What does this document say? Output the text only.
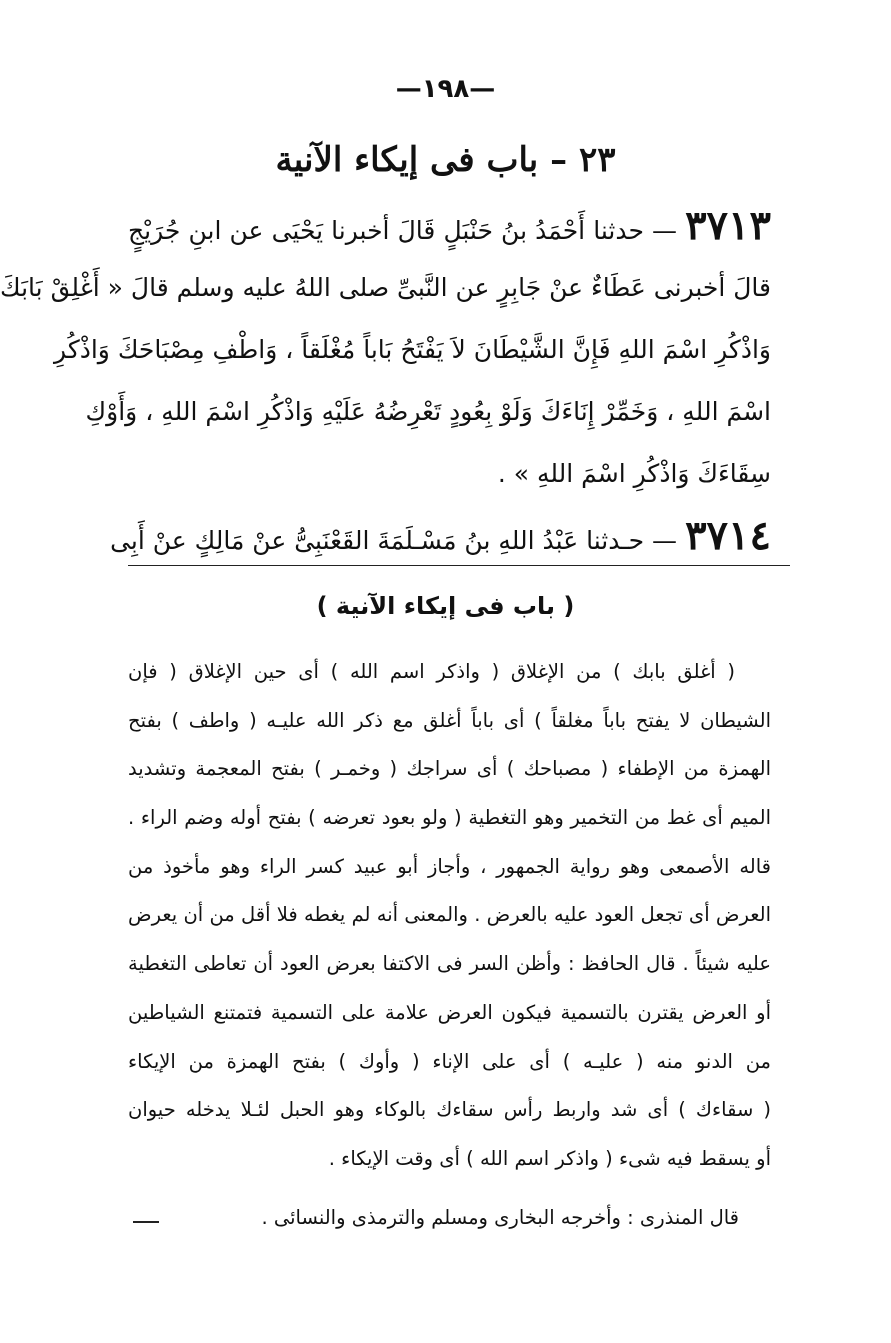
—١٩٨—
٢٣ – باب فى إيكاء الآنية
٣٧١٣— حدثنا أَحْمَدُ بنُ حَنْبَلٍ قَالَ أخبرنا يَحْيَى عن ابنِ جُرَيْجٍ
قالَ أخبرنى عَطَاءٌ عنْ جَابِرٍ عن النَّبىِّ صلى اللهُ عليه وسلم قالَ « أَغْلِقْ بَابَكَ
وَاذْكُرِ اسْمَ اللهِ فَإِنَّ الشَّيْطَانَ لاَ يَفْتَحُ بَاباً مُغْلَقاً ، وَاطْفِ مِصْبَاحَكَ وَاذْكُرِ
اسْمَ اللهِ ، وَخَمِّرْ إِنَاءَكَ وَلَوْ بِعُودٍ تَعْرِضُهُ عَلَيْهِ وَاذْكُرِ اسْمَ اللهِ ، وَأَوْكِ
سِقَاءَكَ وَاذْكُرِ اسْمَ اللهِ » .
٣٧١٤— حـدثنا عَبْدُ اللهِ بنُ مَسْـلَمَةَ القَعْنَبِىُّ عنْ مَالِكٍ عنْ أَبِى
( باب فى إيكاء الآنية )
( أغلق بابك ) من الإغلاق ( واذكر اسم الله ) أى حين الإغلاق ( فإن
الشيطان لا يفتح باباً مغلقاً ) أى باباً أغلق مع ذكر الله عليـه ( واطف ) بفتح
الهمزة من الإطفاء ( مصباحك ) أى سراجك ( وخمـر ) بفتح المعجمة وتشديد
الميم أى غط من التخمير وهو التغطية ( ولو بعود تعرضه ) بفتح أوله وضم الراء .
قاله الأصمعى وهو رواية الجمهور ، وأجاز أبو عبيد كسر الراء وهو مأخوذ من
العرض أى تجعل العود عليه بالعرض . والمعنى أنه لم يغطه فلا أقل من أن يعرض
عليه شيئاً . قال الحافظ : وأظن السر فى الاكتفا بعرض العود أن تعاطى التغطية
أو العرض يقترن بالتسمية فيكون العرض علامة على التسمية فتمتنع الشياطين
من الدنو منه ( عليـه ) أى على الإناء ( وأوك ) بفتح الهمزة من الإيكاء
( سقاءك ) أى شد واربط رأس سقاءك بالوكاء وهو الحبل لئـلا يدخله حيوان
أو يسقط فيه شىء ( واذكر اسم الله ) أى وقت الإيكاء .
قال المنذرى : وأخرجه البخارى ومسلم والترمذى والنسائى .
